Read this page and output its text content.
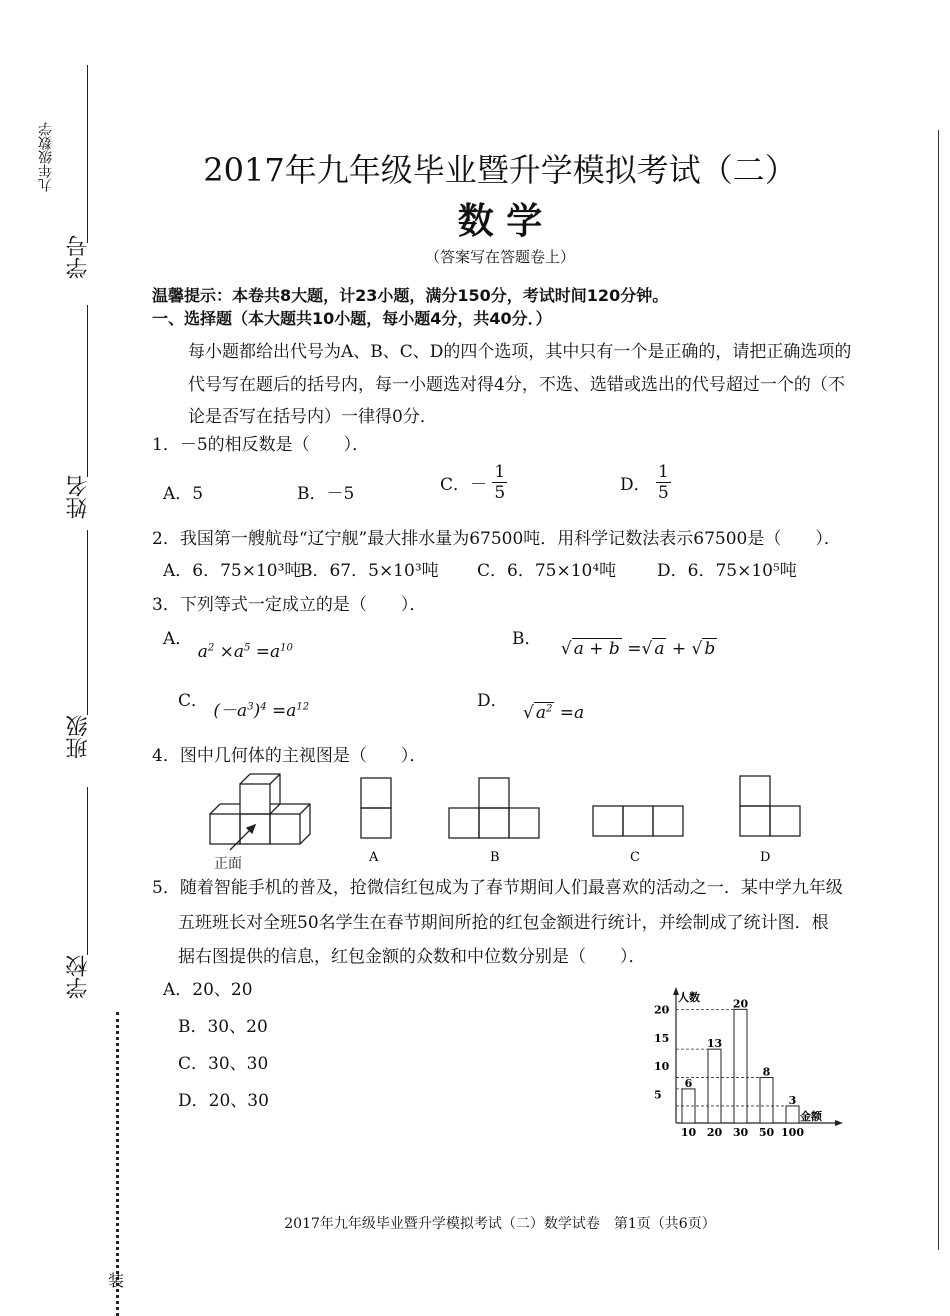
九年级数学
学号
姓名
班级
学校
装
2017年九年级毕业暨升学模拟考试（二）
数 学
（答案写在答题卷上）
温馨提示：本卷共8大题，计23小题，满分150分，考试时间120分钟。
一、选择题（本大题共10小题，每小题4分，共40分．）
每小题都给出代号为A、B、C、D的四个选项，其中只有一个是正确的，请把正确选项的
代号写在题后的括号内，每一小题选对得4分，不选、选错或选出的代号超过一个的（不
论是否写在括号内）一律得0分．
1．－5的相反数是（　　）．
A．5	B．－5	C．－ $\frac{1}{5}$	D． $\frac{1}{5}$
2．我国第一艘航母“辽宁舰”最大排水量为67500吨．用科学记数法表示67500是（　　）．
A．6．75×10³吨
B．67．5×10³吨 C．6．75×10⁴吨 D．6．75×10⁵吨
3．下列等式一定成立的是（　　）．
A． $a^2 \times a^5 =a^{10}$	B． √ a + b =√ a + √ b
C． $(-a^3)^4 =a^{12}$	D． √ $a^2 =a$
4．图中几何体的主视图是（　　）．
正面	A	B	C	D
5．随着智能手机的普及，抢微信红包成为了春节期间人们最喜欢的活动之一．某中学九年级
五班班长对全班50名学生在春节期间所抢的红包金额进行统计，并绘制成了统计图．根
据右图提供的信息，红包金额的众数和中位数分别是（　　）．
A．20、20
B．30、20
C．30、30
D．20、30
人数
金额
5
10
15
20
6
10
13
20
20
30
8
50
3
100
2017年九年级毕业暨升学模拟考试（二）数学试卷　第1页（共6页）
